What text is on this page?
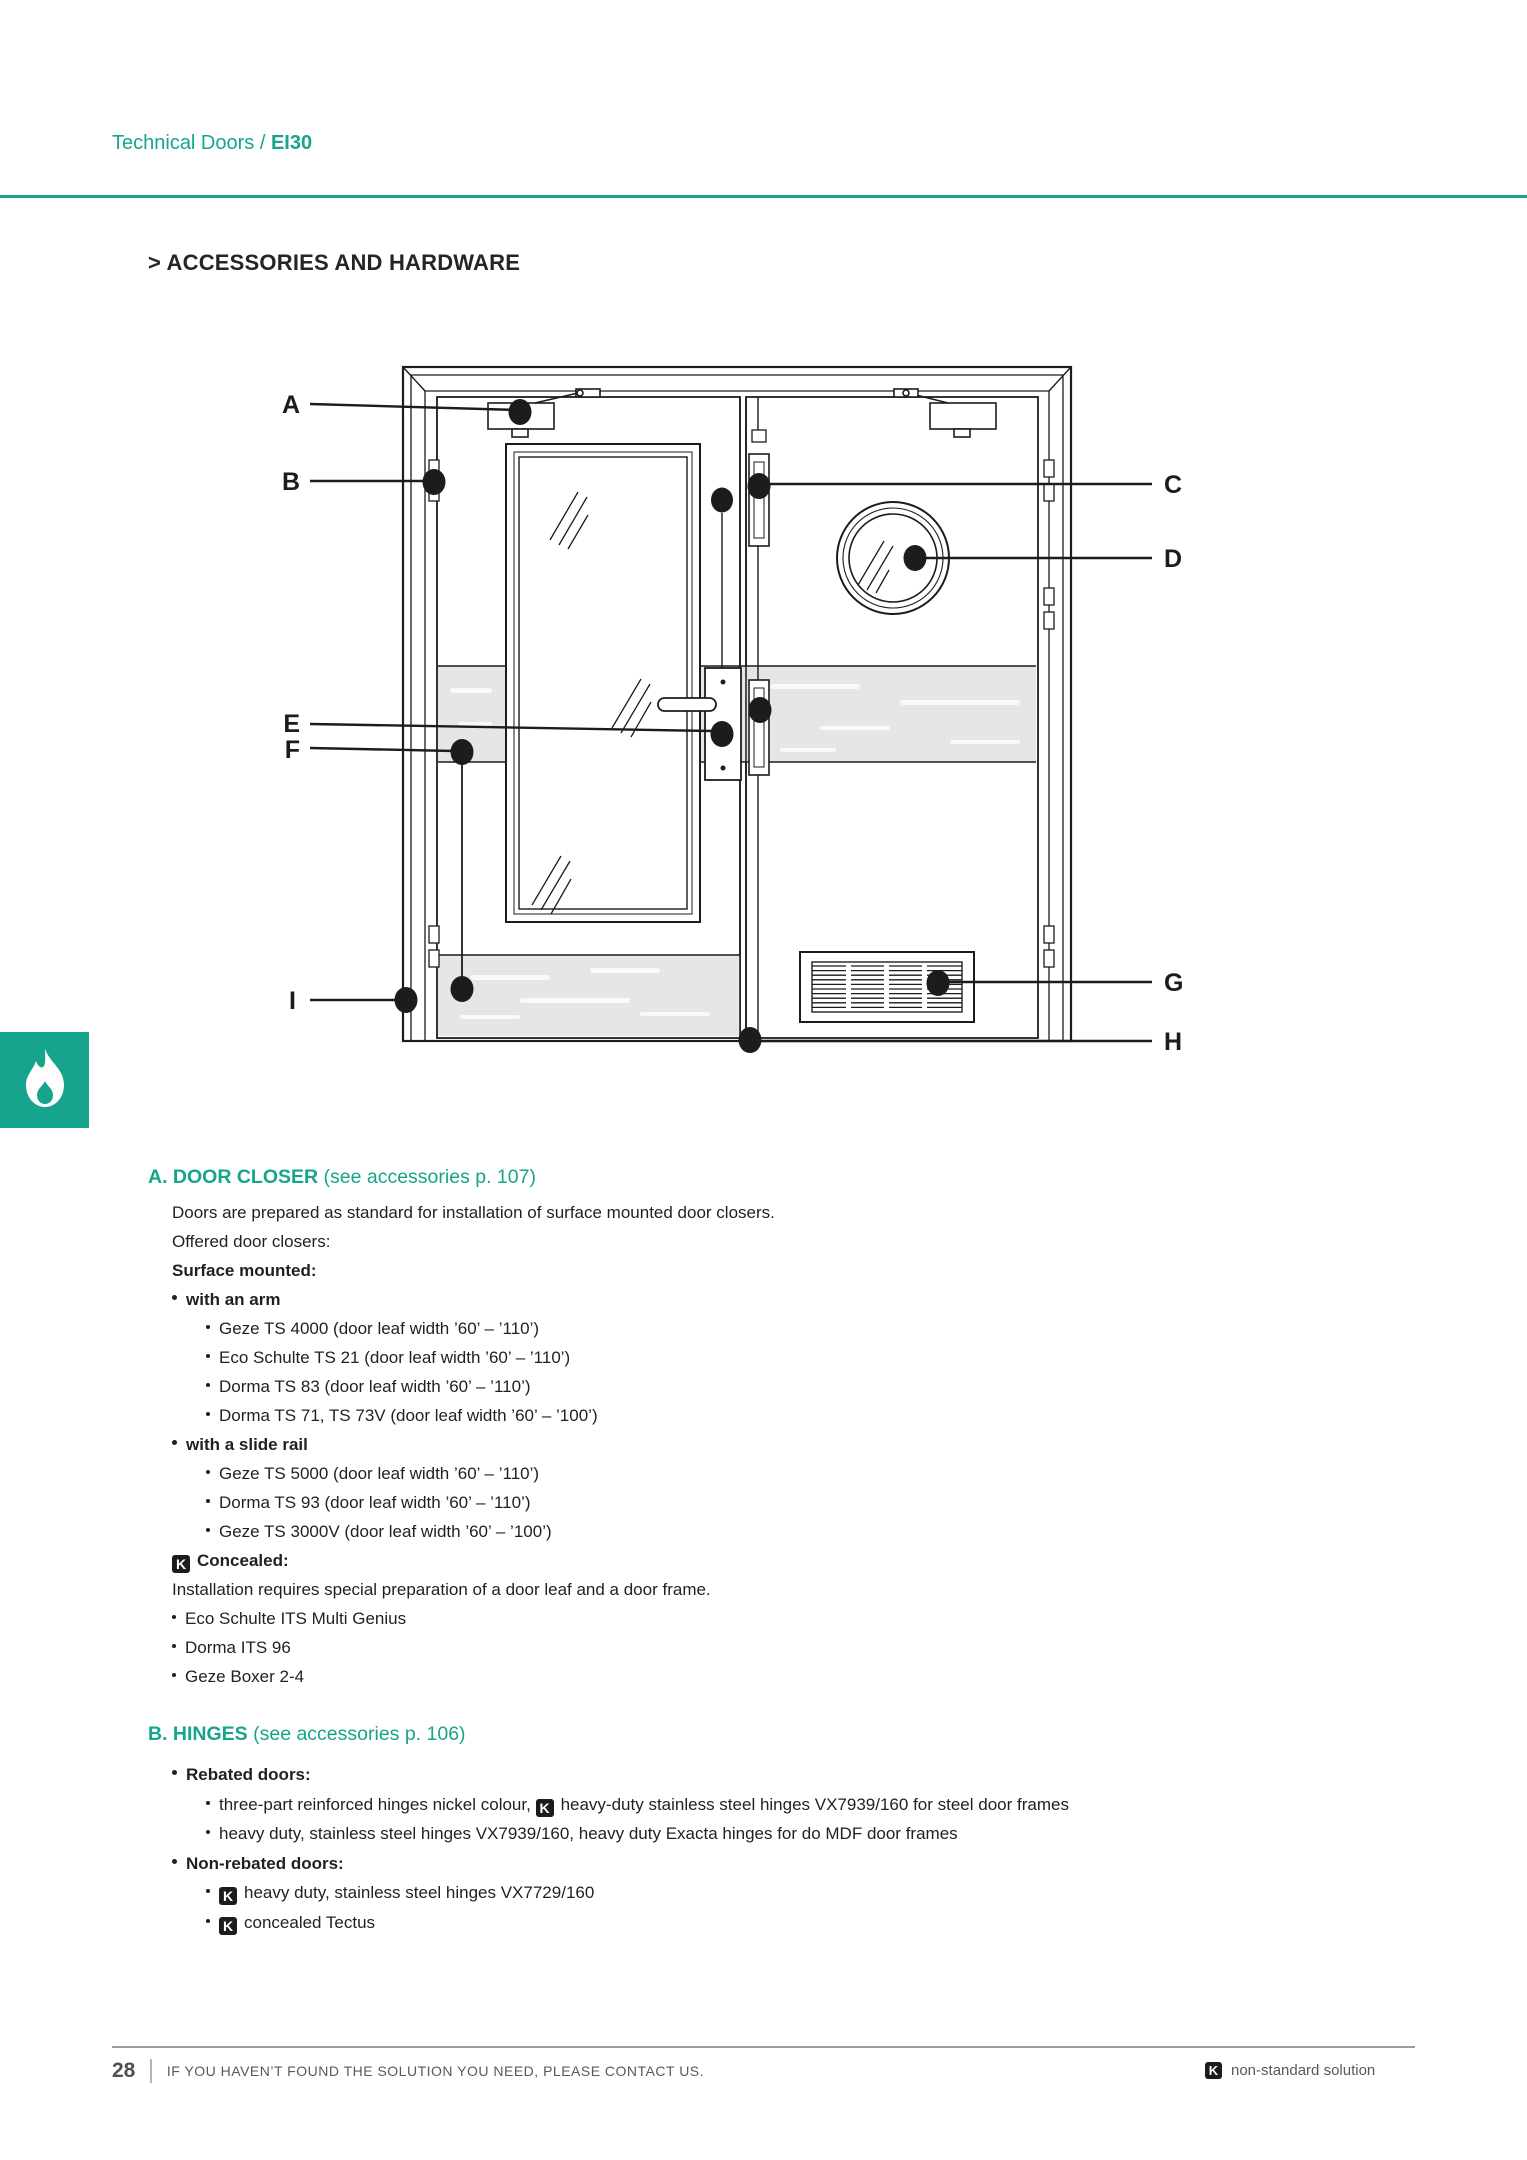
Technical Doors / EI30
> ACCESSORIES AND HARDWARE
A
B	C
D
E
F
G
H
I
A. DOOR CLOSER (see accessories p. 107)
Doors are prepared as standard for installation of surface mounted door closers.
Offered door closers:
Surface mounted:
with an arm
Geze TS 4000 (door leaf width ’60’ – ’110’)
Eco Schulte TS 21 (door leaf width ’60’ – ’110’)
Dorma TS 83 (door leaf width ’60’ – ’110’)
Dorma TS 71, TS 73V (door leaf width ’60’ – ’100’)
with a slide rail
Geze TS 5000 (door leaf width ’60’ – ’110’)
Dorma TS 93 (door leaf width ’60’ – ’110’)
Geze TS 3000V (door leaf width ’60’ – ’100’)
K Concealed:
Installation requires special preparation of a door leaf and a door frame.
Eco Schulte ITS Multi Genius
Dorma ITS 96
Geze Boxer 2-4
B. HINGES (see accessories p. 106)
Rebated doors:
three-part reinforced hinges nickel colour, K heavy-duty stainless steel hinges VX7939/160 for steel door frames
heavy duty, stainless steel hinges VX7939/160, heavy duty Exacta hinges for do MDF door frames
Non-rebated doors:
K heavy duty, stainless steel hinges VX7729/160
K concealed Tectus
28 IF YOU HAVEN’T FOUND THE SOLUTION YOU NEED, PLEASE CONTACT US.	K non-standard solution
